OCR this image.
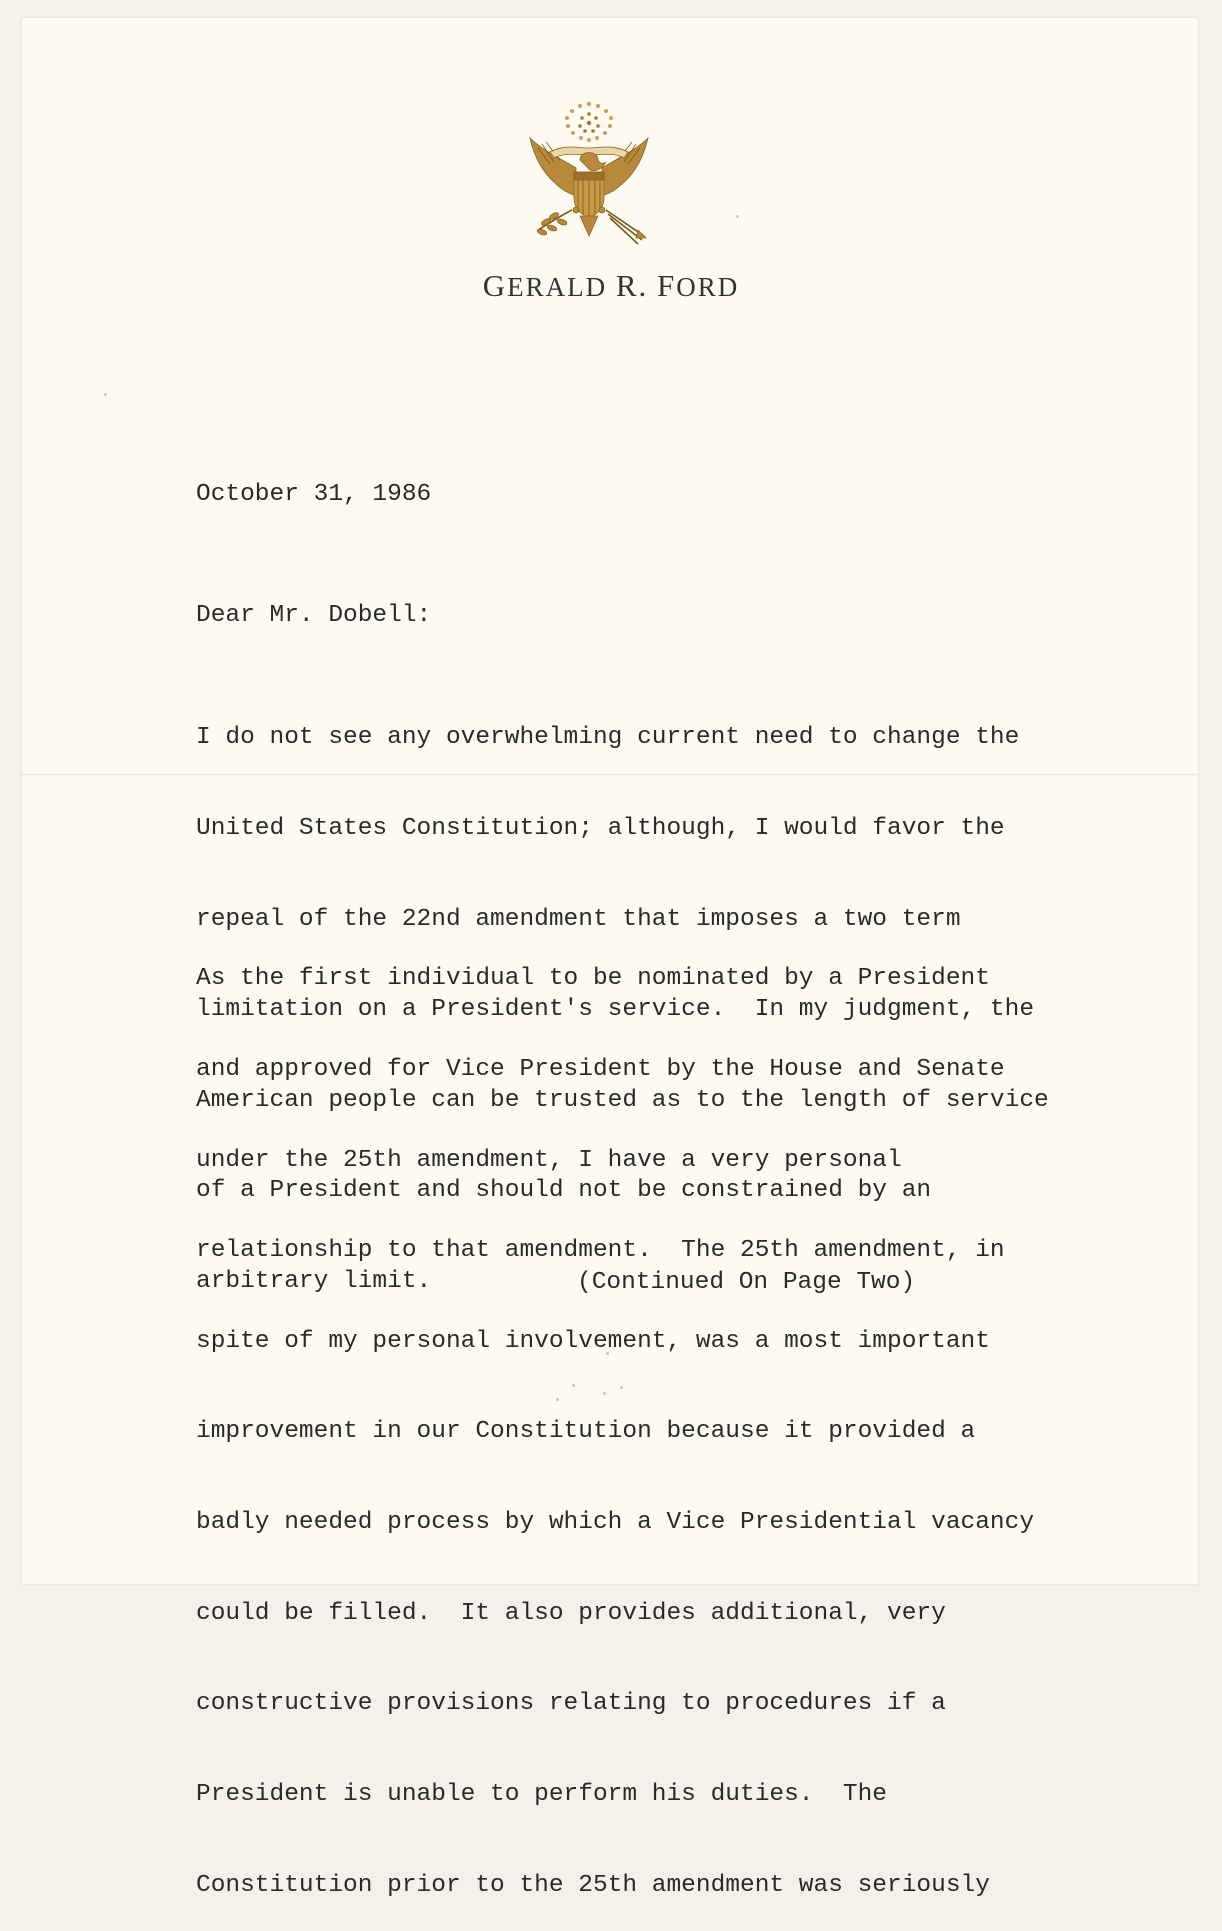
GERALD R. FORD
October 31, 1986
Dear Mr. Dobell:

I do not see any overwhelming current need to change the

United States Constitution; although, I would favor the

repeal of the 22nd amendment that imposes a two term

limitation on a President's service.  In my judgment, the

American people can be trusted as to the length of service

of a President and should not be constrained by an

arbitrary limit.

As the first individual to be nominated by a President

and approved for Vice President by the House and Senate

under the 25th amendment, I have a very personal

relationship to that amendment.  The 25th amendment, in

spite of my personal involvement, was a most important

improvement in our Constitution because it provided a

badly needed process by which a Vice Presidential vacancy

could be filled.  It also provides additional, very

constructive provisions relating to procedures if a

President is unable to perform his duties.  The

Constitution prior to the 25th amendment was seriously

(Continued On Page Two)
